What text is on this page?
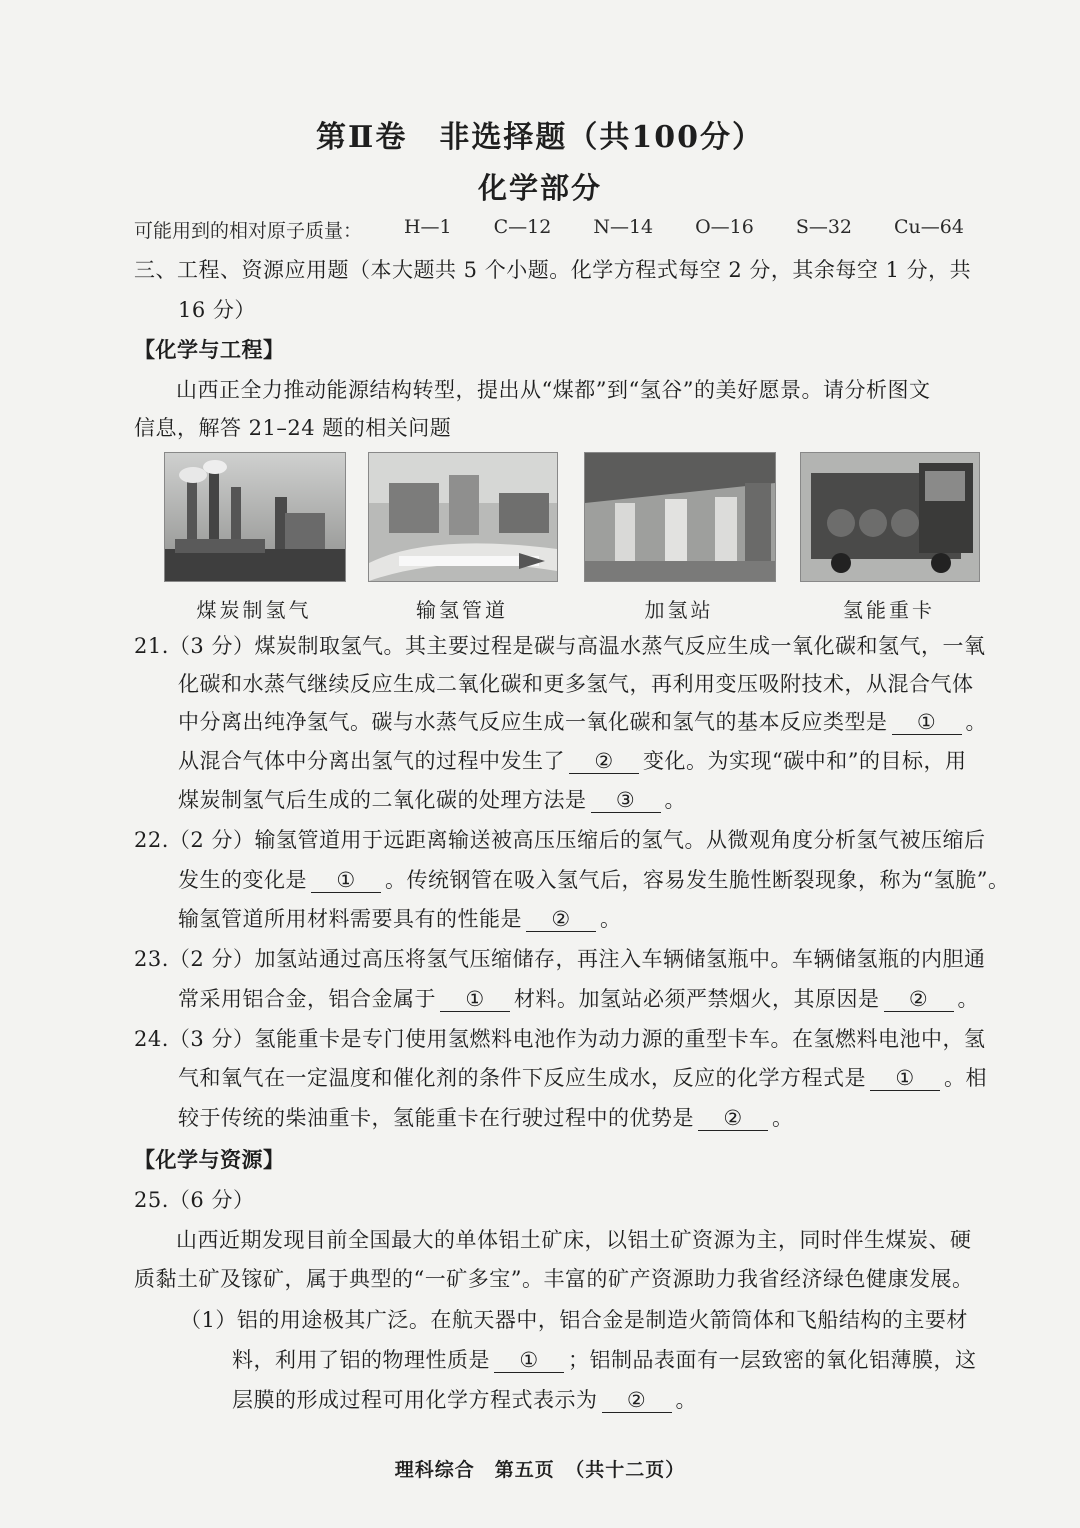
第Ⅱ卷　非选择题（共100分）
化学部分
可能用到的相对原子质量： H—1 C—12 N—14 O—16 S—32 Cu—64
三、工程、资源应用题（本大题共 5 个小题。化学方程式每空 2 分，其余每空 1 分，共
16 分）
【化学与工程】
山西正全力推动能源结构转型，提出从“煤都”到“氢谷”的美好愿景。请分析图文
信息，解答 21–24 题的相关问题
煤炭制氢气	输氢管道	加氢站	氢能重卡
21.（3 分）煤炭制取氢气。其主要过程是碳与高温水蒸气反应生成一氧化碳和氢气，一氧
化碳和水蒸气继续反应生成二氧化碳和更多氢气，再利用变压吸附技术，从混合气体
中分离出纯净氢气。碳与水蒸气反应生成一氧化碳和氢气的基本反应类型是 ① 。
从混合气体中分离出氢气的过程中发生了 ② 变化。为实现“碳中和”的目标，用
煤炭制氢气后生成的二氧化碳的处理方法是 ③ 。
22.（2 分）输氢管道用于远距离输送被高压压缩后的氢气。从微观角度分析氢气被压缩后
发生的变化是 ① 。传统钢管在吸入氢气后，容易发生脆性断裂现象，称为“氢脆”。
输氢管道所用材料需要具有的性能是 ② 。
23.（2 分）加氢站通过高压将氢气压缩储存，再注入车辆储氢瓶中。车辆储氢瓶的内胆通
常采用铝合金，铝合金属于 ① 材料。加氢站必须严禁烟火，其原因是 ② 。
24.（3 分）氢能重卡是专门使用氢燃料电池作为动力源的重型卡车。在氢燃料电池中，氢
气和氧气在一定温度和催化剂的条件下反应生成水，反应的化学方程式是 ① 。相
较于传统的柴油重卡，氢能重卡在行驶过程中的优势是 ② 。
【化学与资源】
25.（6 分）
山西近期发现目前全国最大的单体铝土矿床，以铝土矿资源为主，同时伴生煤炭、硬
质黏土矿及镓矿，属于典型的“一矿多宝”。丰富的矿产资源助力我省经济绿色健康发展。
（1）铝的用途极其广泛。在航天器中，铝合金是制造火箭筒体和飞船结构的主要材
料，利用了铝的物理性质是 ① ；铝制品表面有一层致密的氧化铝薄膜，这
层膜的形成过程可用化学方程式表示为 ② 。
理科综合　第五页　（共十二页）
